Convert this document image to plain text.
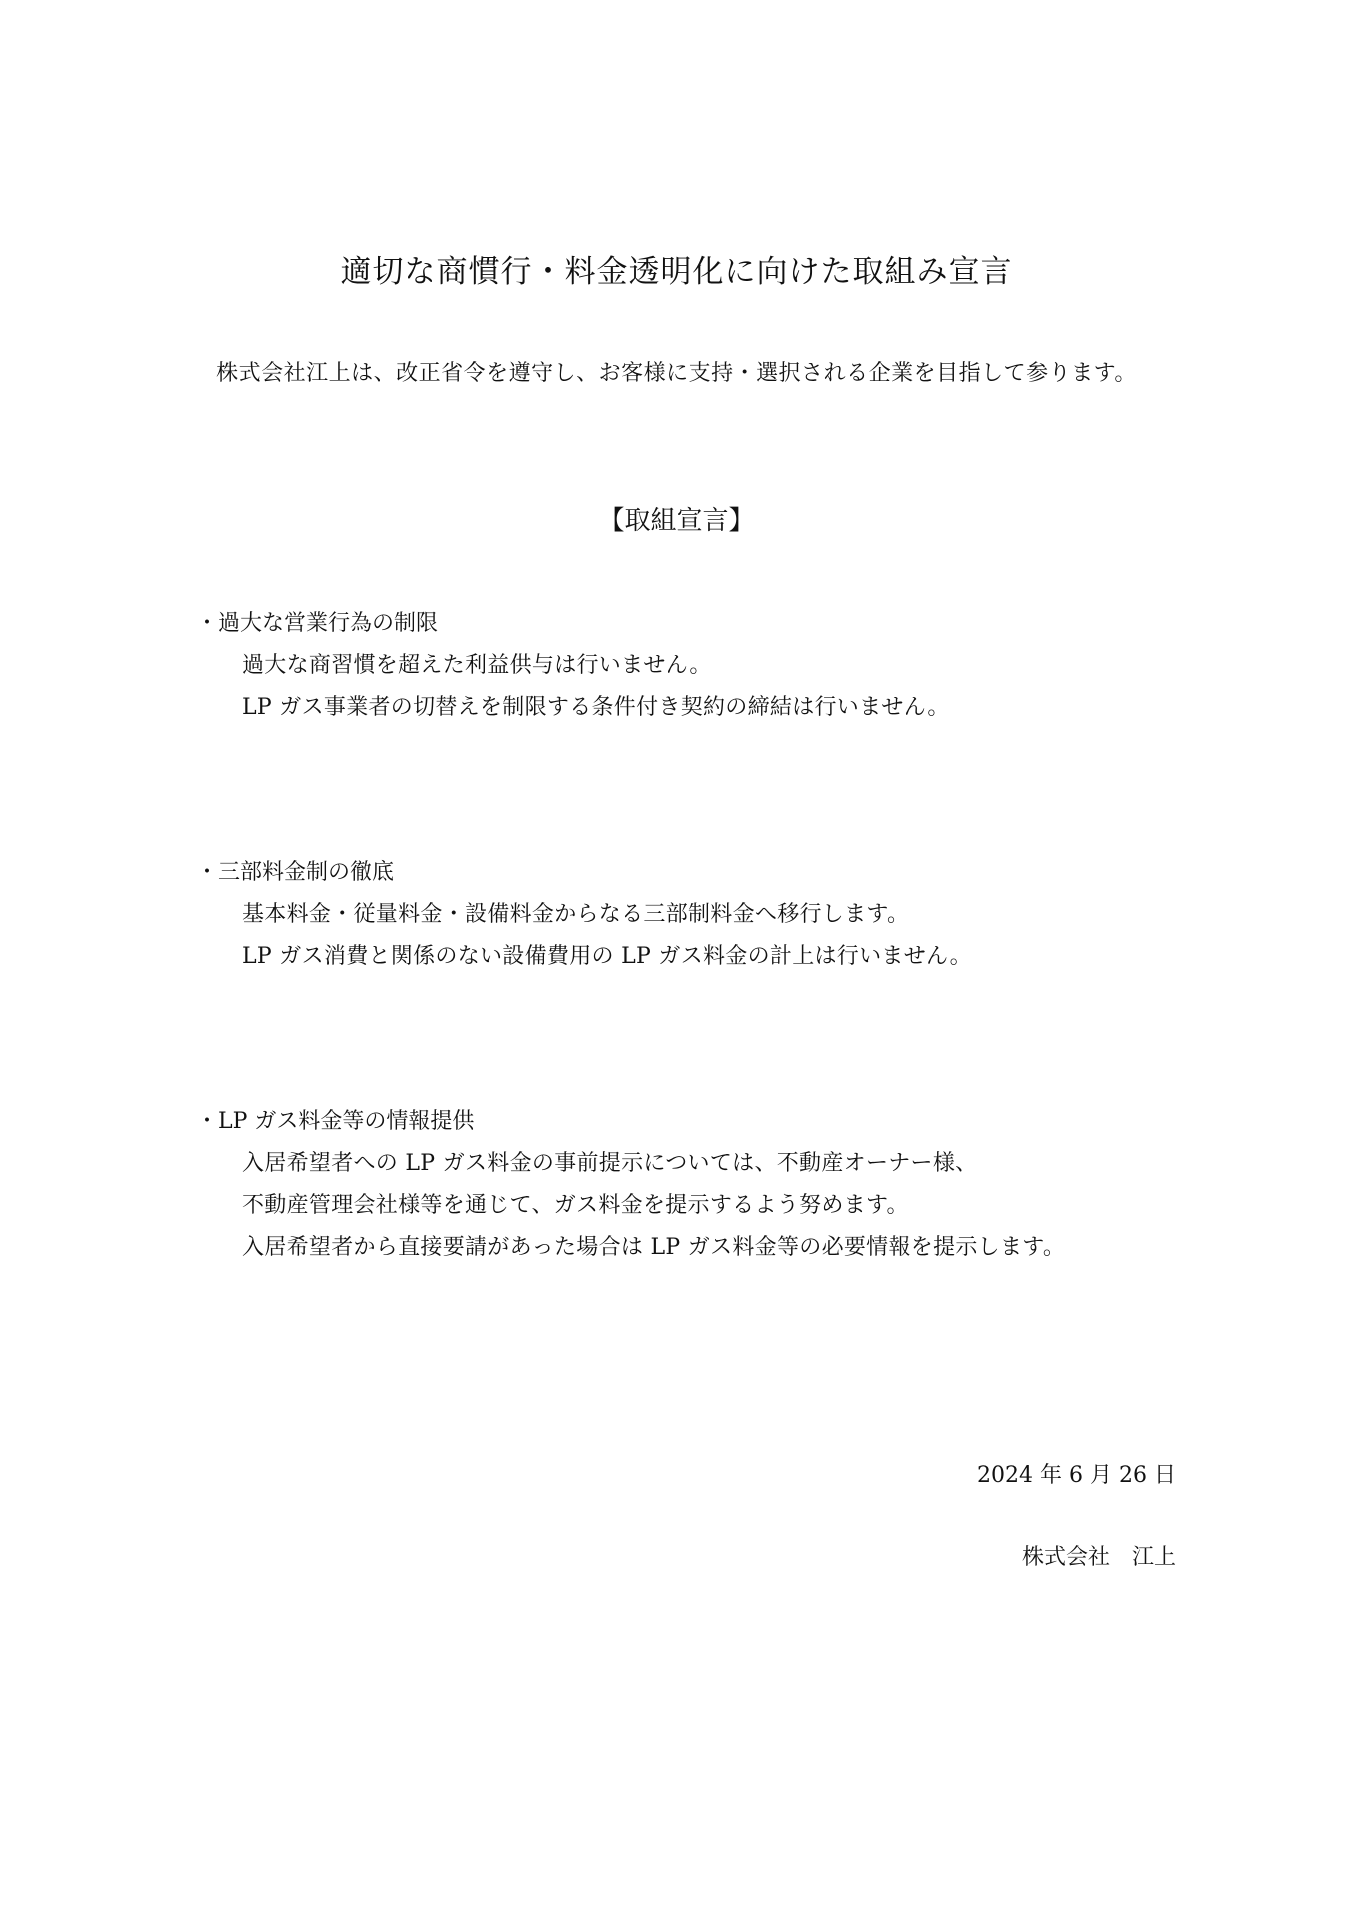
適切な商慣行・料金透明化に向けた取組み宣言
株式会社江上は、改正省令を遵守し、お客様に支持・選択される企業を目指して参ります。
【取組宣言】
・過大な営業行為の制限
過大な商習慣を超えた利益供与は行いません。
LP ガス事業者の切替えを制限する条件付き契約の締結は行いません。
・三部料金制の徹底
基本料金・従量料金・設備料金からなる三部制料金へ移行します。
LP ガス消費と関係のない設備費用の LP ガス料金の計上は行いません。
・LP ガス料金等の情報提供
入居希望者への LP ガス料金の事前提示については、不動産オーナー様、
不動産管理会社様等を通じて、ガス料金を提示するよう努めます。
入居希望者から直接要請があった場合は LP ガス料金等の必要情報を提示します。
2024 年 6 月 26 日
株式会社　江上
